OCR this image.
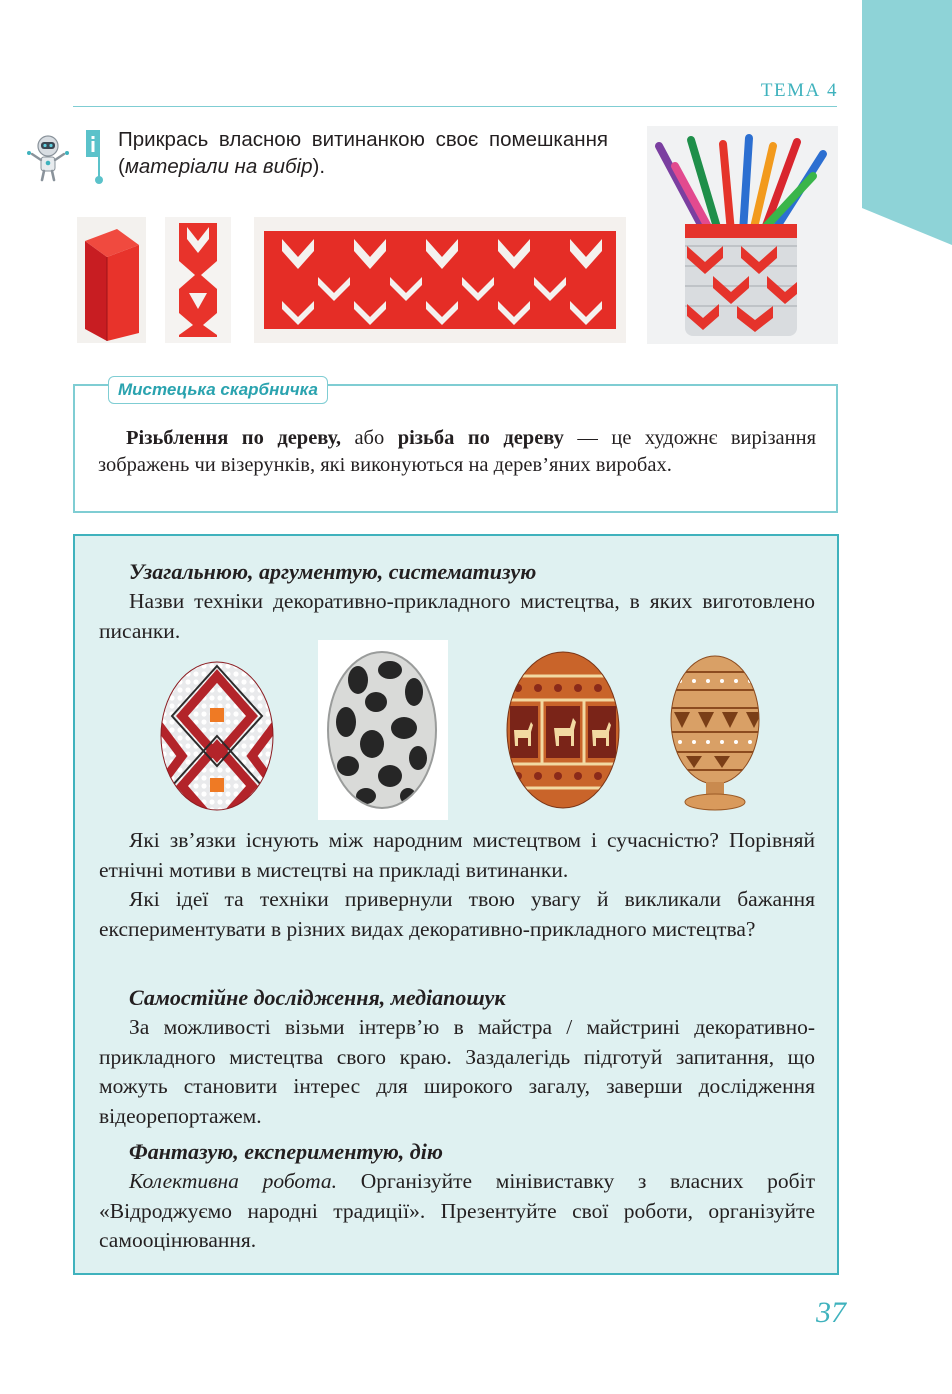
ТЕМА 4

Прикрась власною витинанкою своє помешкання (матеріали на вибір).

Мистецька скарбничка

Різьблення по дереву, або різьба по дереву — це художнє вирізання зображень чи візерунків, які виконуються на дерев’яних виробах.

Узагальнюю, аргументую, систематизую

Назви техніки декоративно-прикладного мистецтва, в яких виготовлено писанки.

Які зв’язки існують між народним мистецтвом і сучасністю? Порівняй етнічні мотиви в мистецтві на прикладі витинанки.

Які ідеї та техніки привернули твою увагу й викликали бажання експериментувати в різних видах декоративно-прикладного мистецтва?

Самостійне дослідження, медіапошук

За можливості візьми інтерв’ю в майстра / майстрині декоративно-прикладного мистецтва свого краю. Заздалегідь підготуй запитання, що можуть становити інтерес для широкого загалу, заверши дослідження відеорепортажем.

Фантазую, експериментую, дію

Колективна робота. Організуйте мінівиставку з власних робіт «Відроджуємо народні традиції». Презентуйте свої роботи, організуйте самооцінювання.

37
